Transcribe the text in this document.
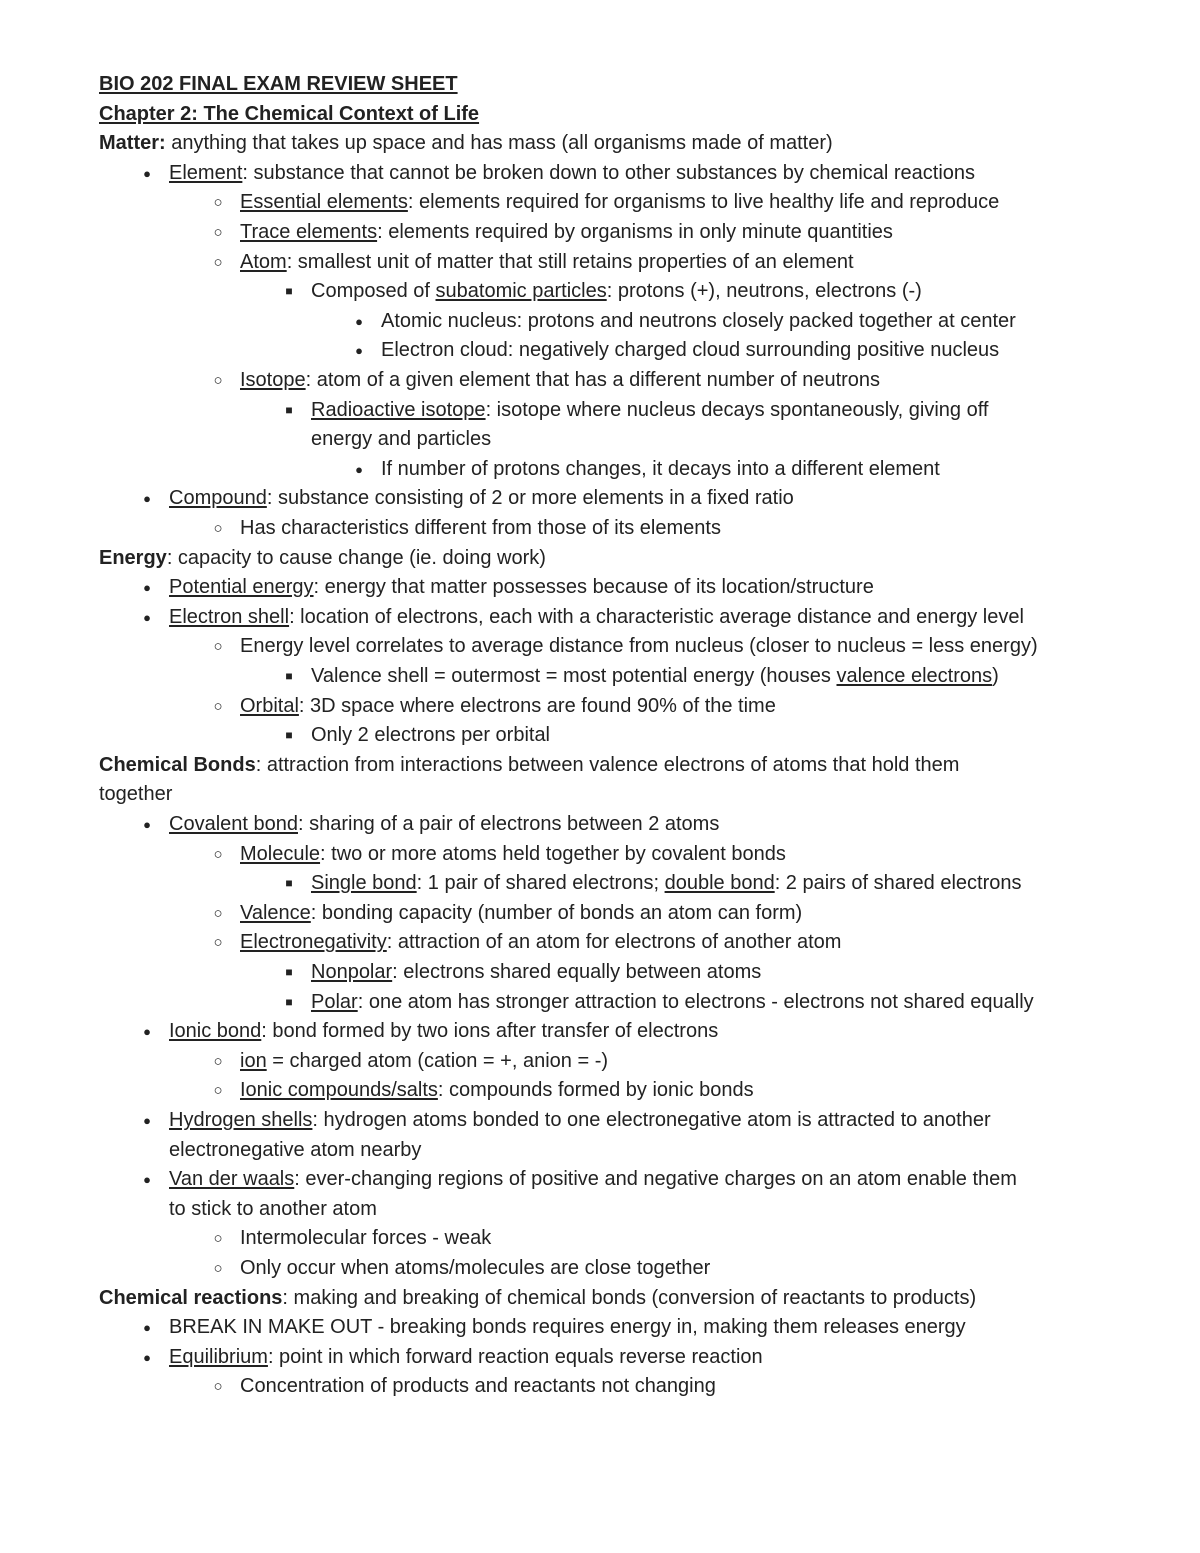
BIO 202 FINAL EXAM REVIEW SHEET
Chapter 2: The Chemical Context of Life
Matter: anything that takes up space and has mass (all organisms made of matter)
● Element: substance that cannot be broken down to other substances by chemical reactions
○ Essential elements: elements required for organisms to live healthy life and reproduce
○ Trace elements: elements required by organisms in only minute quantities
○ Atom: smallest unit of matter that still retains properties of an element
■ Composed of subatomic particles: protons (+), neutrons, electrons (-)
● Atomic nucleus: protons and neutrons closely packed together at center
● Electron cloud: negatively charged cloud surrounding positive nucleus
○ Isotope: atom of a given element that has a different number of neutrons
■ Radioactive isotope: isotope where nucleus decays spontaneously, giving off
energy and particles
● If number of protons changes, it decays into a different element
● Compound: substance consisting of 2 or more elements in a fixed ratio
○ Has characteristics different from those of its elements
Energy: capacity to cause change (ie. doing work)
● Potential energy: energy that matter possesses because of its location/structure
● Electron shell: location of electrons, each with a characteristic average distance and energy level
○ Energy level correlates to average distance from nucleus (closer to nucleus = less energy)
■ Valence shell = outermost = most potential energy (houses valence electrons)
○ Orbital: 3D space where electrons are found 90% of the time
■ Only 2 electrons per orbital
Chemical Bonds: attraction from interactions between valence electrons of atoms that hold them
together
● Covalent bond: sharing of a pair of electrons between 2 atoms
○ Molecule: two or more atoms held together by covalent bonds
■ Single bond: 1 pair of shared electrons; double bond: 2 pairs of shared electrons
○ Valence: bonding capacity (number of bonds an atom can form)
○ Electronegativity: attraction of an atom for electrons of another atom
■ Nonpolar: electrons shared equally between atoms
■ Polar: one atom has stronger attraction to electrons - electrons not shared equally
● Ionic bond: bond formed by two ions after transfer of electrons
○ ion = charged atom (cation = +, anion = -)
○ Ionic compounds/salts: compounds formed by ionic bonds
● Hydrogen shells: hydrogen atoms bonded to one electronegative atom is attracted to another
electronegative atom nearby
● Van der waals: ever-changing regions of positive and negative charges on an atom enable them
to stick to another atom
○ Intermolecular forces - weak
○ Only occur when atoms/molecules are close together
Chemical reactions: making and breaking of chemical bonds (conversion of reactants to products)
● BREAK IN MAKE OUT - breaking bonds requires energy in, making them releases energy
● Equilibrium: point in which forward reaction equals reverse reaction
○ Concentration of products and reactants not changing
